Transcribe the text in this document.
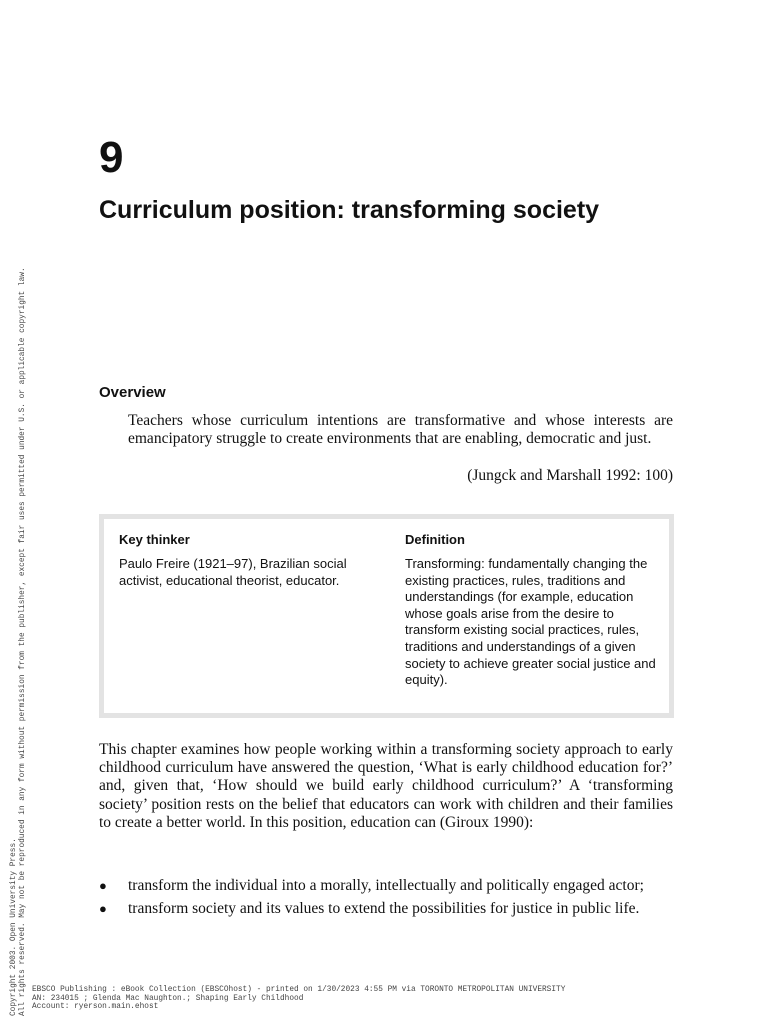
9
Curriculum position: transforming society
Overview

Teachers whose curriculum intentions are transformative and whose interests are emancipatory struggle to create environments that are enabling, democratic and just.

(Jungck and Marshall 1992: 100)

Key thinker

Paulo Freire (1921–97), Brazilian social activist, educational theorist, educator.

Definition

Transforming: fundamentally changing the existing practices, rules, traditions and understandings (for example, education whose goals arise from the desire to transform existing social practices, rules, traditions and understandings of a given society to achieve greater social justice and equity).

This chapter examines how people working within a transforming society approach to early childhood curriculum have answered the question, ‘What is early childhood education for?’ and, given that, ‘How should we build early childhood curriculum?’ A ‘transforming society’ position rests on the belief that educators can work with children and their families to create a better world. In this position, education can (Giroux 1990):

● transform the individual into a morally, intellectually and politically engaged actor;
● transform society and its values to extend the possibilities for justice in public life.
Copyright 2003. Open University Press. All rights reserved. May not be reproduced in any form without permission from the publisher, except fair uses permitted under U.S. or applicable copyright law. EBSCO Publishing : eBook Collection (EBSCOhost) - printed on 1/30/2023 4:55 PM via TORONTO METROPOLITAN UNIVERSITY
AN: 234015 ; Glenda Mac Naughton.; Shaping Early Childhood
Account: ryerson.main.ehost
